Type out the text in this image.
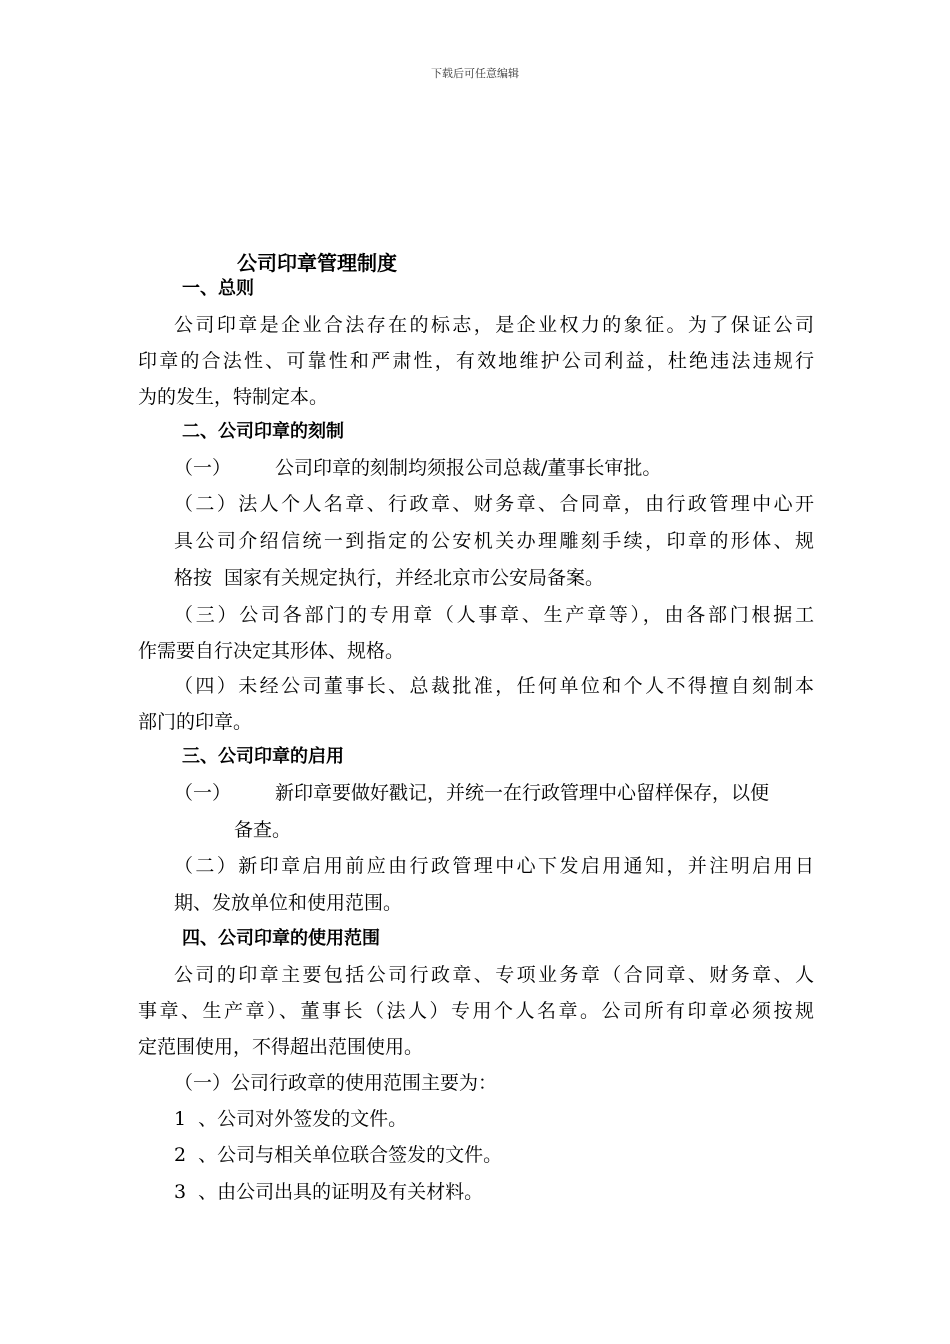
下载后可任意编辑
公司印章管理制度
一、总则
公司印章是企业合法存在的标志，是企业权力的象征。为了保证公司
印章的合法性、可靠性和严肃性，有效地维护公司利益，杜绝违法违规行
为的发生，特制定本。
二、公司印章的刻制
（一） 公司印章的刻制均须报公司总裁/董事长审批。
（二）法人个人名章、行政章、财务章、合同章，由行政管理中心开
具公司介绍信统一到指定的公安机关办理雕刻手续，印章的形体、规
格按 国家有关规定执行，并经北京市公安局备案。
（三）公司各部门的专用章（人事章、生产章等），由各部门根据工
作需要自行决定其形体、规格。
（四）未经公司董事长、总裁批准，任何单位和个人不得擅自刻制本
部门的印章。
三、公司印章的启用
（一） 新印章要做好戳记，并统一在行政管理中心留样保存，以便
备查。
（二）新印章启用前应由行政管理中心下发启用通知，并注明启用日
期、发放单位和使用范围。
四、公司印章的使用范围
公司的印章主要包括公司行政章、专项业务章（合同章、财务章、人
事章、生产章）、董事长（法人）专用个人名章。公司所有印章必须按规
定范围使用，不得超出范围使用。
（一）公司行政章的使用范围主要为：
1 、公司对外签发的文件。
2 、公司与相关单位联合签发的文件。
3 、由公司出具的证明及有关材料。
